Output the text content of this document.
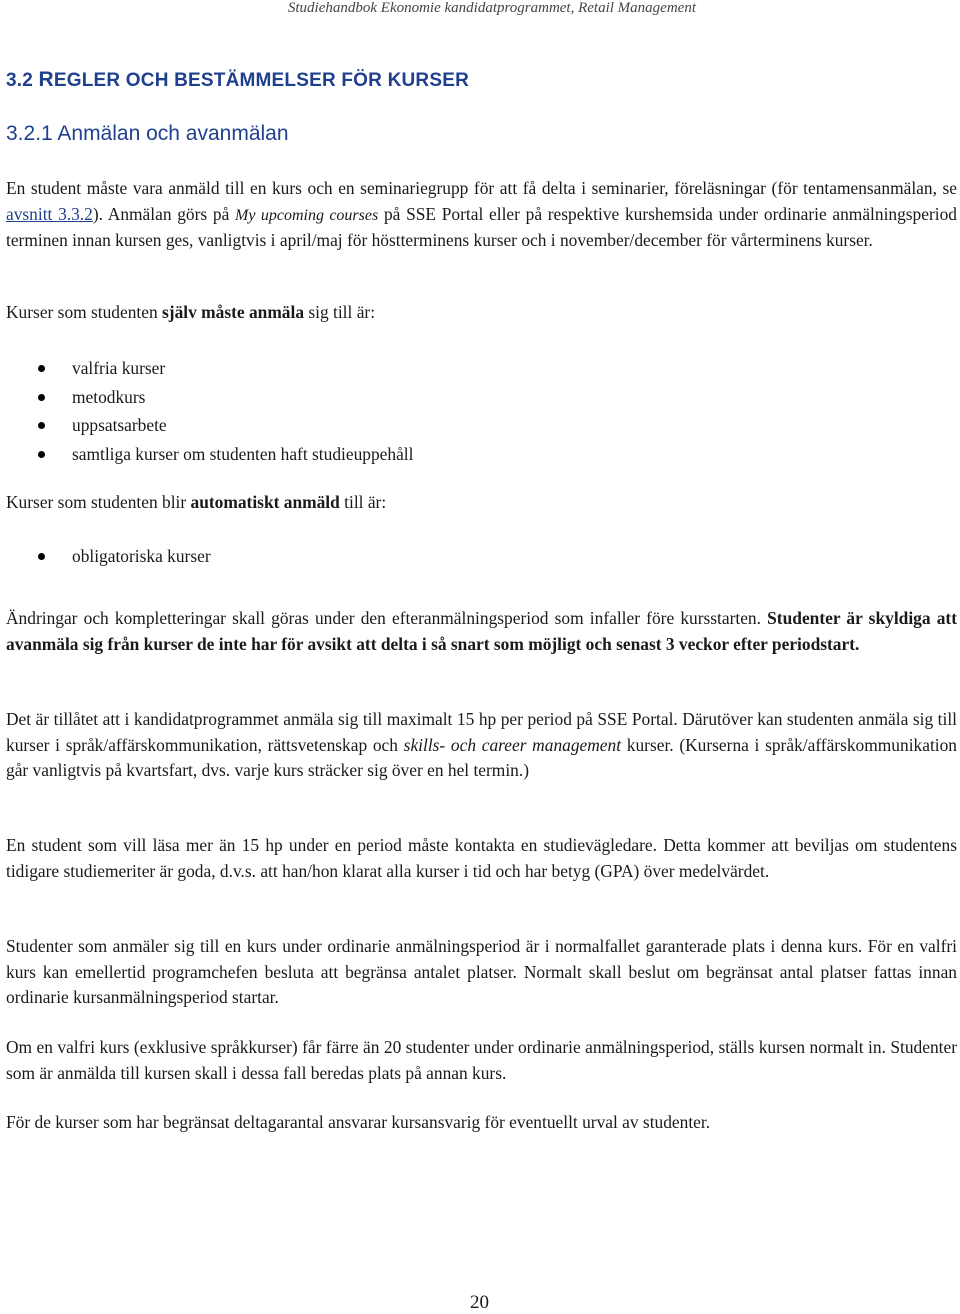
Studiehandbok Ekonomie kandidatprogrammet, Retail Management
3.2 REGLER OCH BESTÄMMELSER FÖR KURSER
3.2.1 Anmälan och avanmälan

En student måste vara anmäld till en kurs och en seminariegrupp för att få delta i seminarier, föreläsningar (för tentamensanmälan, se avsnitt 3.3.2). Anmälan görs på My upcoming courses på SSE Portal eller på respektive kurshemsida under ordinarie anmälningsperiod terminen innan kursen ges, vanligtvis i april/maj för höstterminens kurser och i november/december för vårterminens kurser.

Kurser som studenten själv måste anmäla sig till är:

valfria kurser
metodkurs
uppsatsarbete
samtliga kurser om studenten haft studieuppehåll

Kurser som studenten blir automatiskt anmäld till är:

obligatoriska kurser

Ändringar och kompletteringar skall göras under den efteranmälningsperiod som infaller före kursstarten. Studenter är skyldiga att avanmäla sig från kurser de inte har för avsikt att delta i så snart som möjligt och senast 3 veckor efter periodstart.

Det är tillåtet att i kandidatprogrammet anmäla sig till maximalt 15 hp per period på SSE Portal. Därutöver kan studenten anmäla sig till kurser i språk/affärskommunikation, rättsvetenskap och skills- och career management kurser. (Kurserna i språk/affärskommunikation går vanligtvis på kvartsfart, dvs. varje kurs sträcker sig över en hel termin.)

En student som vill läsa mer än 15 hp under en period måste kontakta en studievägledare. Detta kommer att beviljas om studentens tidigare studiemeriter är goda, d.v.s. att han/hon klarat alla kurser i tid och har betyg (GPA) över medelvärdet.

Studenter som anmäler sig till en kurs under ordinarie anmälningsperiod är i normalfallet garanterade plats i denna kurs. För en valfri kurs kan emellertid programchefen besluta att begränsa antalet platser. Normalt skall beslut om begränsat antal platser fattas innan ordinarie kursanmälningsperiod startar.

Om en valfri kurs (exklusive språkkurser) får färre än 20 studenter under ordinarie anmälningsperiod, ställs kursen normalt in. Studenter som är anmälda till kursen skall i dessa fall beredas plats på annan kurs.

För de kurser som har begränsat deltagarantal ansvarar kursansvarig för eventuellt urval av studenter.

20
